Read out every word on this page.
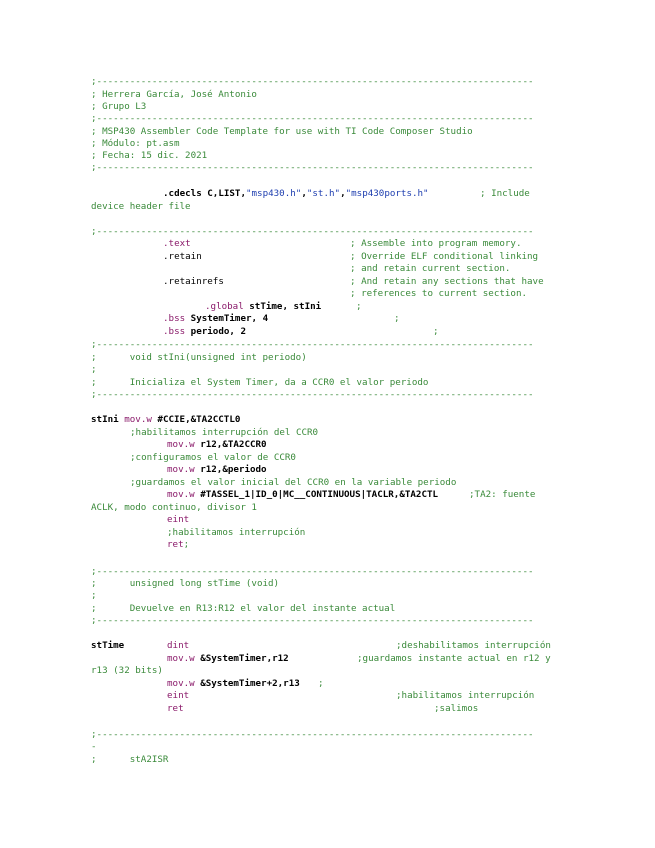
;-------------------------------------------------------------------------------
; Herrera García, José Antonio
; Grupo L3
;-------------------------------------------------------------------------------
; MSP430 Assembler Code Template for use with TI Code Composer Studio
; Módulo: pt.asm
; Fecha: 15 dic. 2021
;-------------------------------------------------------------------------------
.cdecls C,LIST,"msp430.h","st.h","msp430ports.h"	; Include
device header file
;-------------------------------------------------------------------------------
.text	; Assemble into program memory.
.retain	; Override ELF conditional linking
; and retain current section.
.retainrefs	; And retain any sections that have
; references to current section.
.global stTime, stIni	;
.bss SystemTimer, 4	;
.bss periodo, 2	;
;-------------------------------------------------------------------------------
;      void stIni(unsigned int periodo)
;
;      Inicializa el System Timer, da a CCR0 el valor periodo
;-------------------------------------------------------------------------------
stIni mov.w #CCIE,&TA2CCTL0
;habilitamos interrupción del CCR0
mov.w r12,&TA2CCR0
;configuramos el valor de CCR0
mov.w r12,&periodo
;guardamos el valor inicial del CCR0 en la variable periodo
mov.w #TASSEL_1|ID_0|MC__CONTINUOUS|TACLR,&TA2CTL	;TA2: fuente
ACLK, modo continuo, divisor 1
eint
;habilitamos interrupción
ret;
;-------------------------------------------------------------------------------
;      unsigned long stTime (void)
;
;      Devuelve en R13:R12 el valor del instante actual
;-------------------------------------------------------------------------------
stTime	dint	;deshabilitamos interrupción
mov.w &SystemTimer,r12	;guardamos instante actual en r12 y
r13 (32 bits)
mov.w &SystemTimer+2,r13 ;
eint	;habilitamos interrupción
ret	;salimos
;-------------------------------------------------------------------------------
-
;      stA2ISR
